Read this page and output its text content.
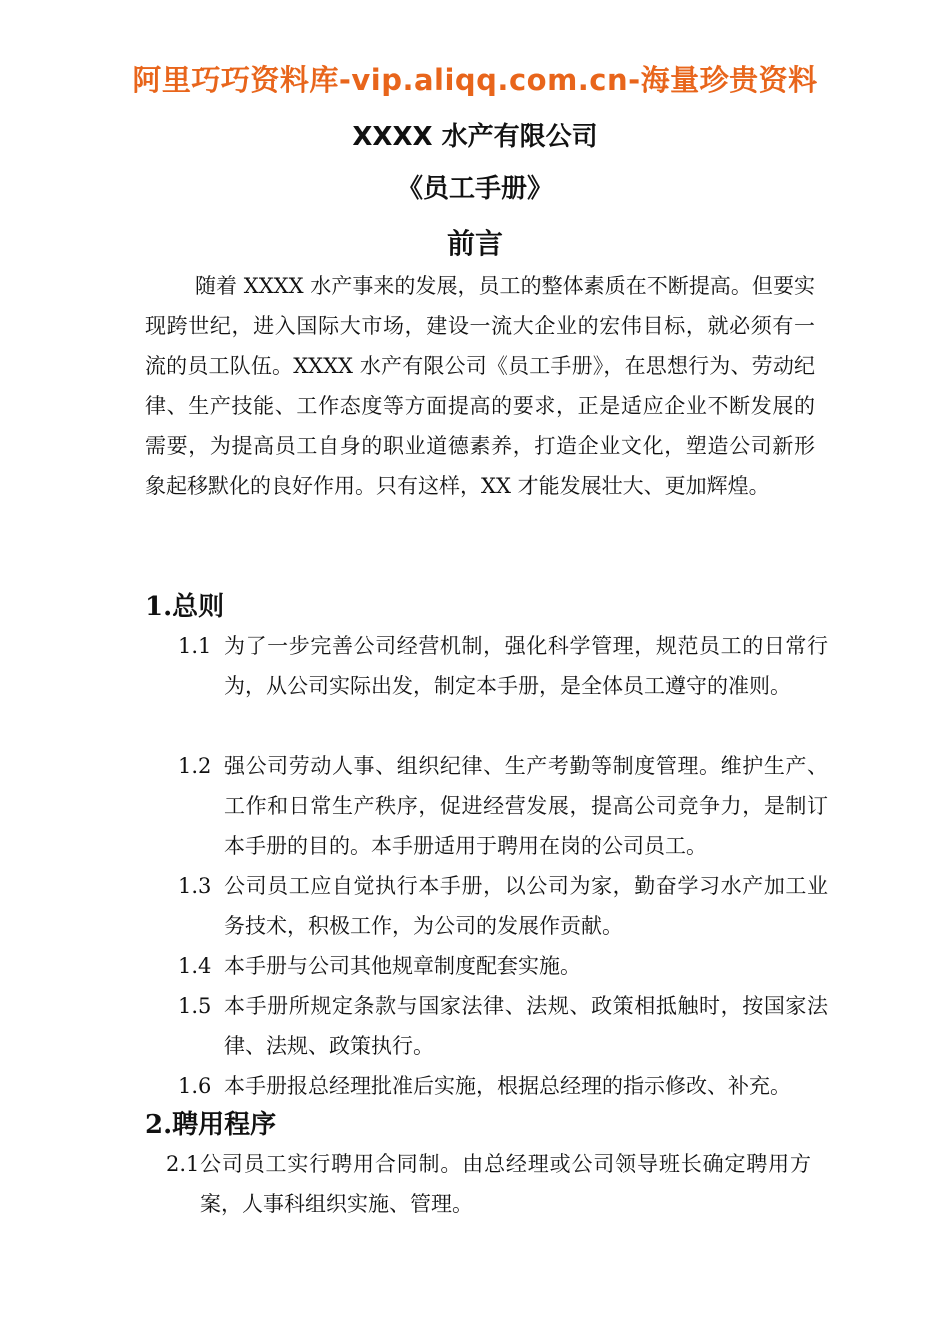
阿里巧巧资料库-vip.aliqq.com.cn-海量珍贵资料
XXXX 水产有限公司
《员工手册》
前言
随着 XXXX 水产事来的发展，员工的整体素质在不断提高。但要实现跨世纪，进入国际大市场，建设一流大企业的宏伟目标，就必须有一流的员工队伍。XXXX 水产有限公司《员工手册》，在思想行为、劳动纪律、生产技能、工作态度等方面提高的要求，正是适应企业不断发展的需要，为提高员工自身的职业道德素养，打造企业文化，塑造公司新形象起移默化的良好作用。只有这样，XX 才能发展壮大、更加辉煌。
1.总则
1.1 为了一步完善公司经营机制，强化科学管理，规范员工的日常行为，从公司实际出发，制定本手册，是全体员工遵守的准则。
1.2 强公司劳动人事、组织纪律、生产考勤等制度管理。维护生产、工作和日常生产秩序，促进经营发展，提高公司竞争力，是制订本手册的目的。本手册适用于聘用在岗的公司员工。
1.3 公司员工应自觉执行本手册，以公司为家，勤奋学习水产加工业务技术，积极工作，为公司的发展作贡献。
1.4 本手册与公司其他规章制度配套实施。
1.5 本手册所规定条款与国家法律、法规、政策相抵触时，按国家法律、法规、政策执行。
1.6 本手册报总经理批准后实施，根据总经理的指示修改、补充。
2.聘用程序
2.1 公司员工实行聘用合同制。由总经理或公司领导班长确定聘用方案，人事科组织实施、管理。
